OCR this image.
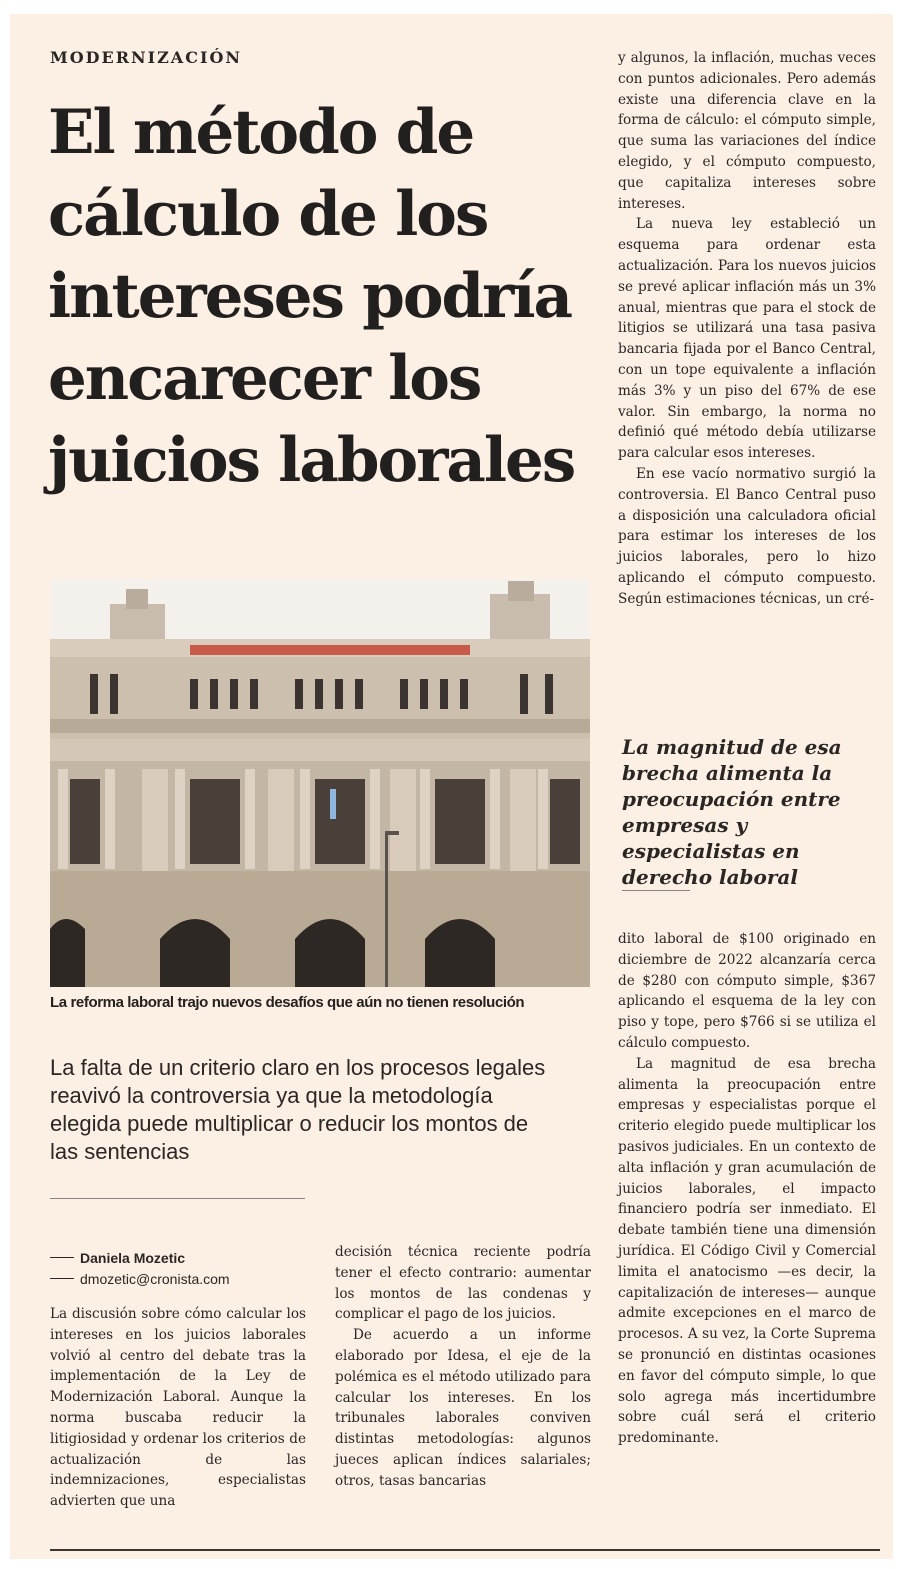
MODERNIZACIÓN
El método de cálculo de los intereses podría encarecer los juicios laborales
La reforma laboral trajo nuevos desafíos que aún no tienen resolución
La falta de un criterio claro en los procesos legales reavivó la controversia ya que la metodología elegida puede multiplicar o reducir los montos de las sentencias
Daniela Mozetic
dmozetic@cronista.com

La discusión sobre cómo calcular los intereses en los juicios laborales volvió al centro del debate tras la implementación de la Ley de Modernización Laboral. Aunque la norma buscaba reducir la litigiosidad y ordenar los criterios de actualización de las indemnizaciones, especialistas advierten que una

decisión técnica reciente podría tener el efecto contrario: aumentar los montos de las condenas y complicar el pago de los juicios.

De acuerdo a un informe elaborado por Idesa, el eje de la polémica es el método utilizado para calcular los intereses. En los tribunales laborales conviven distintas metodologías: algunos jueces aplican índices salariales; otros, tasas bancarias

y algunos, la inflación, muchas veces con puntos adicionales. Pero además existe una diferencia clave en la forma de cálculo: el cómputo simple, que suma las variaciones del índice elegido, y el cómputo compuesto, que capitaliza intereses sobre intereses.

La nueva ley estableció un esquema para ordenar esta actualización. Para los nuevos juicios se prevé aplicar inflación más un 3% anual, mientras que para el stock de litigios se utilizará una tasa pasiva bancaria fijada por el Banco Central, con un tope equivalente a inflación más 3% y un piso del 67% de ese valor. Sin embargo, la norma no definió qué método debía utilizarse para calcular esos intereses.

En ese vacío normativo surgió la controversia. El Banco Central puso a disposición una calculadora oficial para estimar los intereses de los juicios laborales, pero lo hizo aplicando el cómputo compuesto. Según estimaciones técnicas, un cré-

La magnitud de esa brecha alimenta la preocupación entre empresas y especialistas en derecho laboral

dito laboral de $100 originado en diciembre de 2022 alcanzaría cerca de $280 con cómputo simple, $367 aplicando el esquema de la ley con piso y tope, pero $766 si se utiliza el cálculo compuesto.

La magnitud de esa brecha alimenta la preocupación entre empresas y especialistas porque el criterio elegido puede multiplicar los pasivos judiciales. En un contexto de alta inflación y gran acumulación de juicios laborales, el impacto financiero podría ser inmediato. El debate también tiene una dimensión jurídica. El Código Civil y Comercial limita el anatocismo —es decir, la capitalización de intereses— aunque admite excepciones en el marco de procesos. A su vez, la Corte Suprema se pronunció en distintas ocasiones en favor del cómputo simple, lo que solo agrega más incertidumbre sobre cuál será el criterio predominante.
